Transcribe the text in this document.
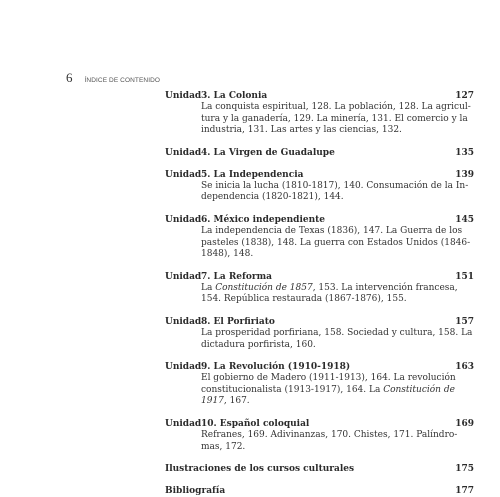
6 ÍNDICE DE CONTENIDO
Unidad 3. La Colonia	127
La conquista espiritual, 128. La población, 128. La agricul-
tura y la ganadería, 129. La minería, 131. El comercio y la
industria, 131. Las artes y las ciencias, 132.
Unidad 4. La Virgen de Guadalupe	135
Unidad 5. La Independencia	139
Se inicia la lucha (1810-1817), 140. Consumación de la In-
dependencia (1820-1821), 144.
Unidad 6. México independiente	145
La independencia de Texas (1836), 147. La Guerra de los
pasteles (1838), 148. La guerra con Estados Unidos (1846-
1848), 148.
Unidad 7. La Reforma	151
La Constitución de 1857, 153. La intervención francesa,
154. República restaurada (1867-1876), 155.
Unidad 8. El Porfiriato	157
La prosperidad porfiriana, 158. Sociedad y cultura, 158. La
dictadura porfirista, 160.
Unidad 9. La Revolución (1910-1918)	163
El gobierno de Madero (1911-1913), 164. La revolución
constitucionalista (1913-1917), 164. La Constitución de
1917, 167.
Unidad 10. Español coloquial	169
Refranes, 169. Adivinanzas, 170. Chistes, 171. Palíndro-
mas, 172.
Ilustraciones de los cursos culturales	175
Bibliografía	177
